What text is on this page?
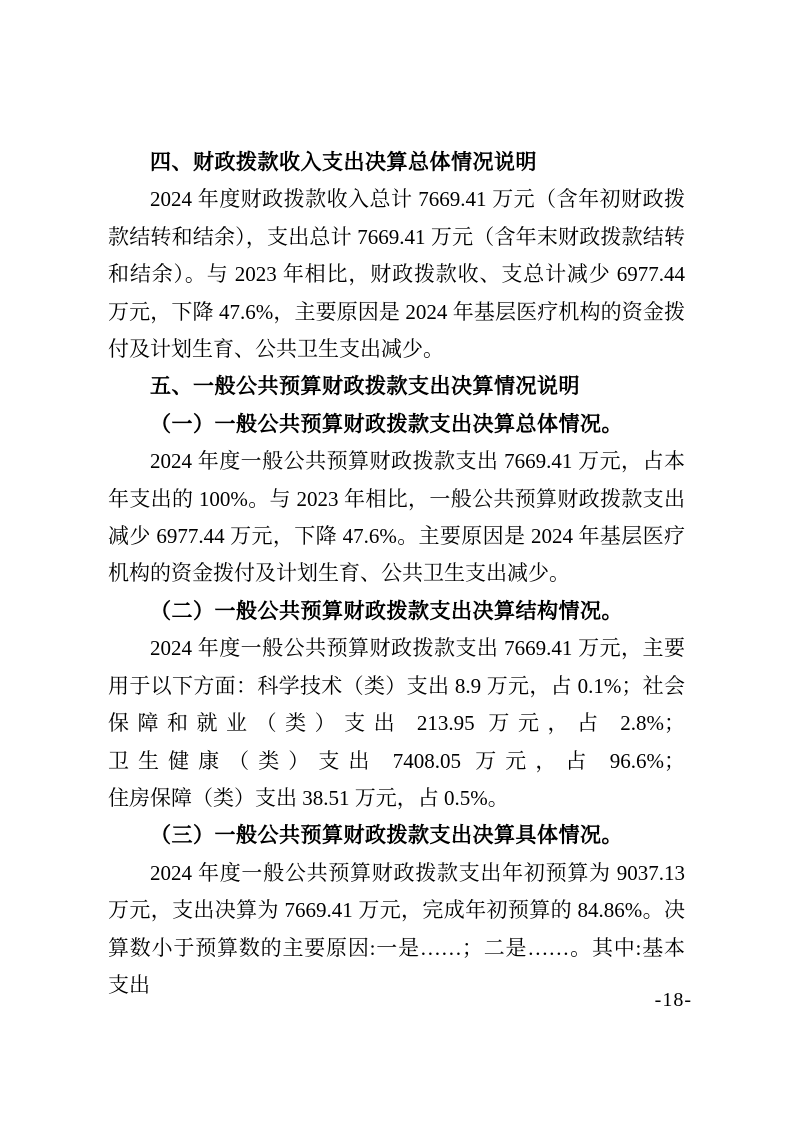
四、财政拨款收入支出决算总体情况说明

2024 年度财政拨款收入总计 7669.41 万元（含年初财政拨款结转和结余），支出总计 7669.41 万元（含年末财政拨款结转和结余）。与 2023 年相比，财政拨款收、支总计减少 6977.44 万元，下降 47.6%，主要原因是 2024 年基层医疗机构的资金拨付及计划生育、公共卫生支出减少。

五、一般公共预算财政拨款支出决算情况说明
（一）一般公共预算财政拨款支出决算总体情况。

2024 年度一般公共预算财政拨款支出 7669.41 万元，占本年支出的 100%。与 2023 年相比，一般公共预算财政拨款支出减少 6977.44 万元，下降 47.6%。主要原因是 2024 年基层医疗机构的资金拨付及计划生育、公共卫生支出减少。

（二）一般公共预算财政拨款支出决算结构情况。

2024 年度一般公共预算财政拨款支出 7669.41 万元，主要用于以下方面：科学技术（类）支出 8.9 万元，占 0.1%；社会保障和就业（类）支出 213.95 万元，占 2.8%；卫生健康（类）支出 7408.05 万元，占 96.6%；住房保障（类）支出 38.51 万元，占 0.5%。

（三）一般公共预算财政拨款支出决算具体情况。

2024 年度一般公共预算财政拨款支出年初预算为 9037.13 万元，支出决算为 7669.41 万元，完成年初预算的 84.86%。决算数小于预算数的主要原因:一是……；二是……。其中:基本支出

-18-
